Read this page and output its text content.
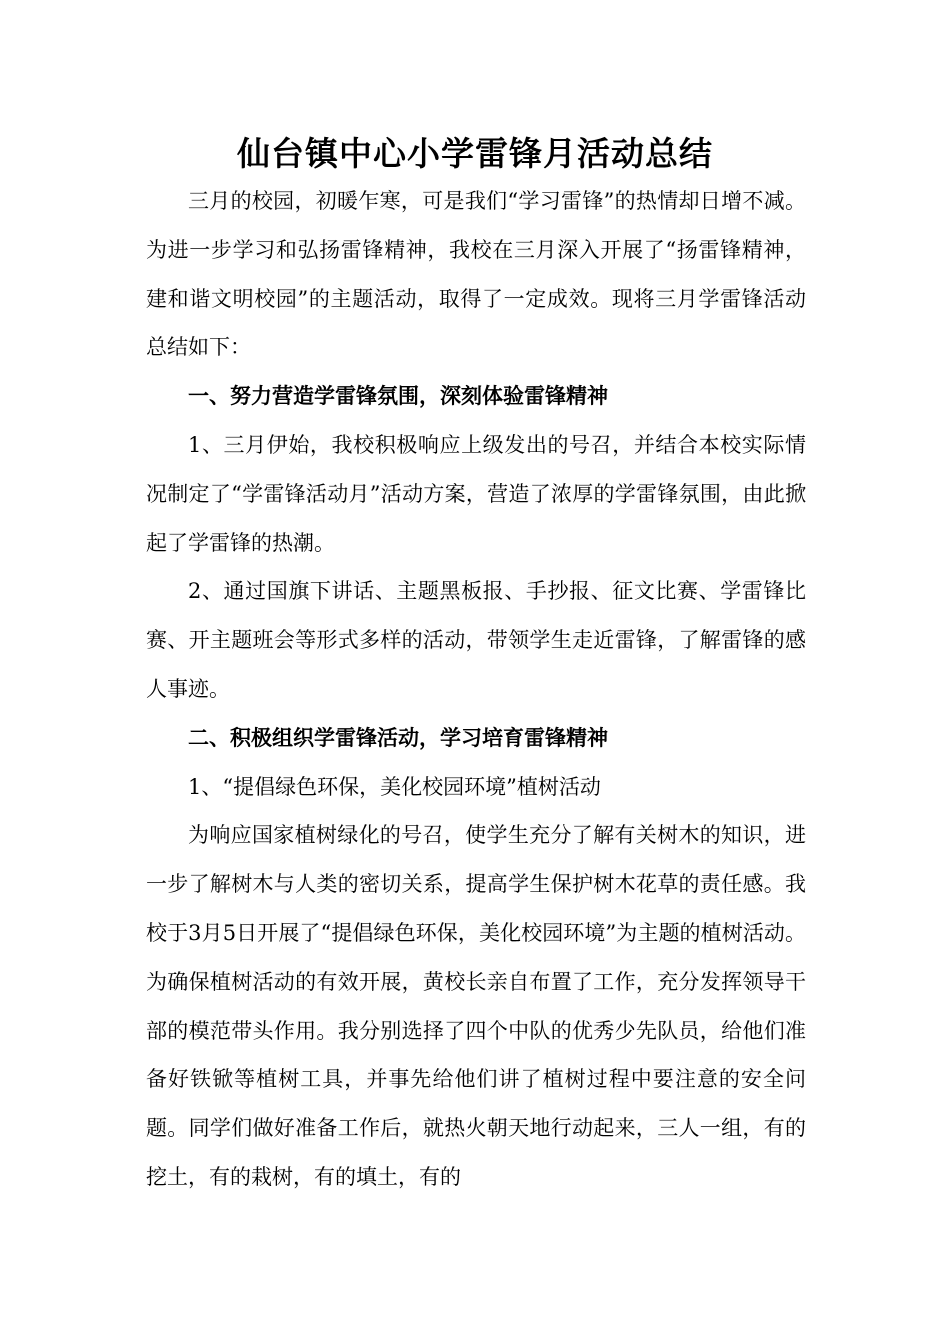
仙台镇中心小学雷锋月活动总结

三月的校园，初暖乍寒，可是我们“学习雷锋”的热情却日增不减。为进一步学习和弘扬雷锋精神，我校在三月深入开展了“扬雷锋精神，建和谐文明校园”的主题活动，取得了一定成效。现将三月学雷锋活动总结如下：

一、努力营造学雷锋氛围，深刻体验雷锋精神

1、三月伊始，我校积极响应上级发出的号召，并结合本校实际情况制定了“学雷锋活动月”活动方案，营造了浓厚的学雷锋氛围，由此掀起了学雷锋的热潮。

2、通过国旗下讲话、主题黑板报、手抄报、征文比赛、学雷锋比赛、开主题班会等形式多样的活动，带领学生走近雷锋，了解雷锋的感人事迹。

二、积极组织学雷锋活动，学习培育雷锋精神

1、“提倡绿色环保，美化校园环境”植树活动

为响应国家植树绿化的号召，使学生充分了解有关树木的知识，进一步了解树木与人类的密切关系，提高学生保护树木花草的责任感。我校于3月5日开展了“提倡绿色环保，美化校园环境”为主题的植树活动。为确保植树活动的有效开展，黄校长亲自布置了工作，充分发挥领导干部的模范带头作用。我分别选择了四个中队的优秀少先队员，给他们准备好铁锨等植树工具，并事先给他们讲了植树过程中要注意的安全问题。同学们做好准备工作后，就热火朝天地行动起来，三人一组，有的挖土，有的栽树，有的填土，有的
